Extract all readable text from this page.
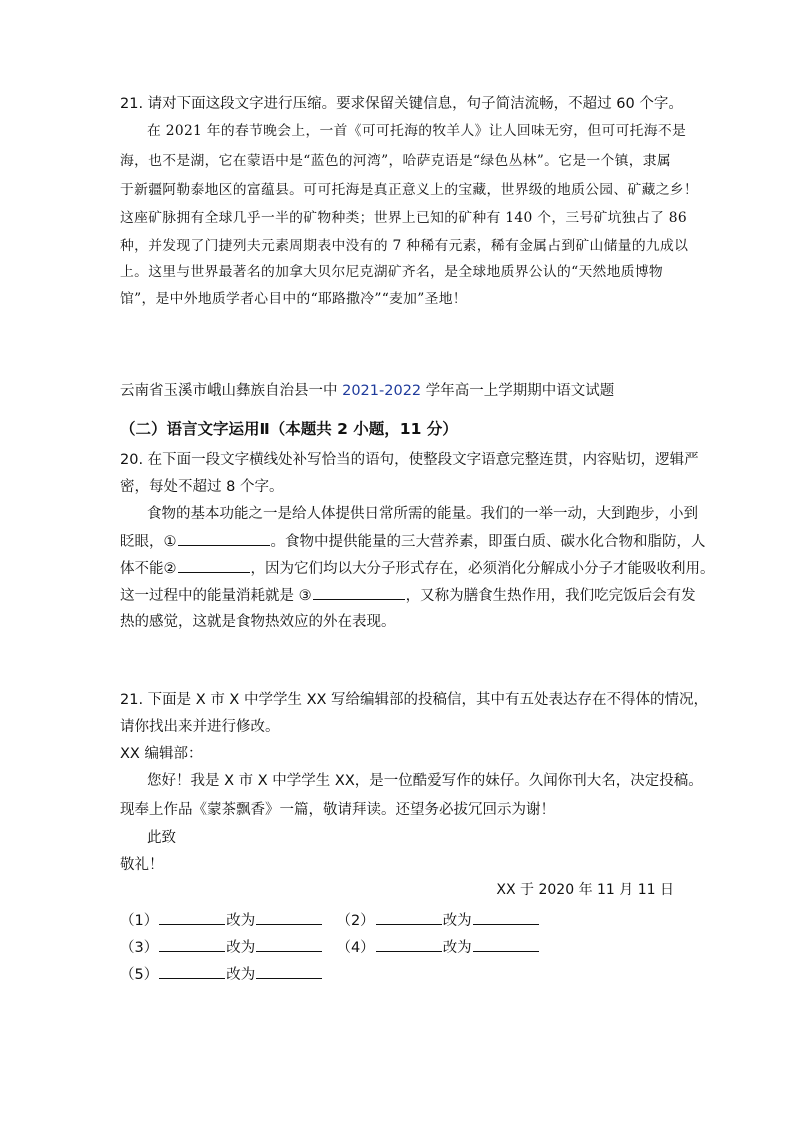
21. 请对下面这段文字进行压缩。要求保留关键信息，句子简洁流畅，不超过 60 个字。
在 2021 年的春节晚会上，一首《可可托海的牧羊人》让人回味无穷，但可可托海不是
海，也不是湖，它在蒙语中是“蓝色的河湾”，哈萨克语是“绿色丛林”。它是一个镇，隶属
于新疆阿勒泰地区的富蕴县。可可托海是真正意义上的宝藏，世界级的地质公园、矿藏之乡！
这座矿脉拥有全球几乎一半的矿物种类；世界上已知的矿种有 140 个，三号矿坑独占了 86
种，并发现了门捷列夫元素周期表中没有的 7 种稀有元素，稀有金属占到矿山储量的九成以
上。这里与世界最著名的加拿大贝尔尼克湖矿齐名，是全球地质界公认的“天然地质博物
馆”，是中外地质学者心目中的“耶路撒冷”“麦加”圣地！
云南省玉溪市峨山彝族自治县一中 2021-2022 学年高一上学期期中语文试题
（二）语言文字运用Ⅱ（本题共 2 小题，11 分）
20. 在下面一段文字横线处补写恰当的语句，使整段文字语意完整连贯，内容贴切，逻辑严
密，每处不超过 8 个字。
食物的基本功能之一是给人体提供日常所需的能量。我们的一举一动，大到跑步，小到
眨眼，①	。食物中提供能量的三大营养素，即蛋白质、碳水化合物和脂防，人
体不能②	，因为它们均以大分子形式存在，必须消化分解成小分子才能吸收利用。
这一过程中的能量消耗就是 ③	，又称为膳食生热作用，我们吃完饭后会有发
热的感觉，这就是食物热效应的外在表现。
21. 下面是 X 市 X 中学学生 XX 写给编辑部的投稿信，其中有五处表达存在不得体的情况，
请你找出来并进行修改。
XX 编辑部：
您好！我是 X 市 X 中学学生 XX，是一位酷爱写作的妹仔。久闻你刊大名，决定投稿。
现奉上作品《蒙茶飘香》一篇，敬请拜读。还望务必拔冗回示为谢！
此致
敬礼！
XX 于 2020 年 11 月 11 日
（1）	改为	（2）	改为
（3）	改为	（4）	改为
（5）	改为
